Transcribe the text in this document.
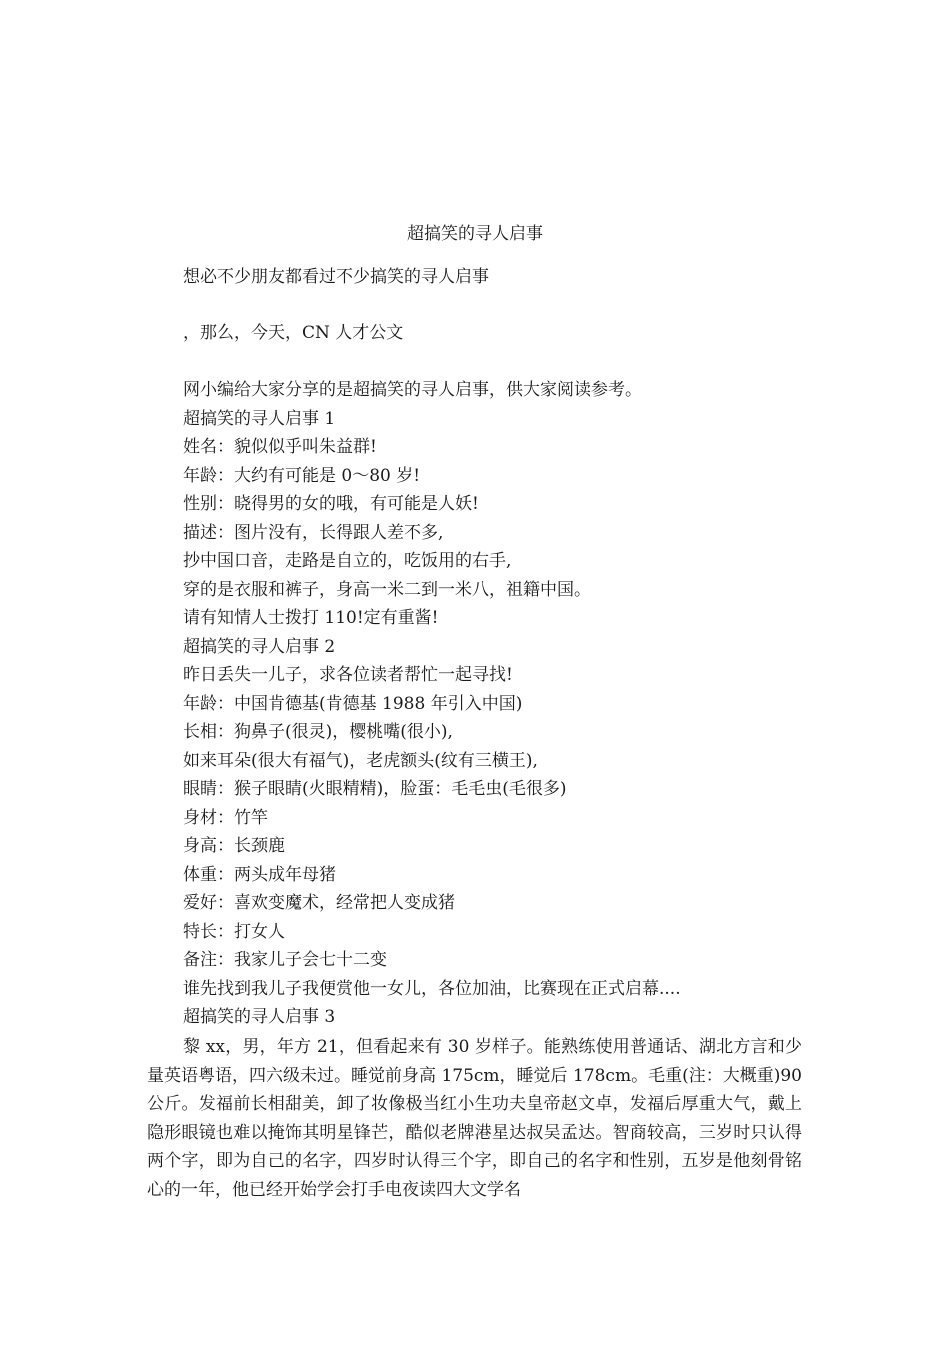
超搞笑的寻人启事
想必不少朋友都看过不少搞笑的寻人启事
，那么，今天，CN 人才公文
网小编给大家分享的是超搞笑的寻人启事，供大家阅读参考。
超搞笑的寻人启事 1
姓名：貌似似乎叫朱益群!
年龄：大约有可能是 0～80 岁!
性别：晓得男的女的哦，有可能是人妖!
描述：图片没有，长得跟人差不多,
抄中国口音，走路是自立的，吃饭用的右手,
穿的是衣服和裤子，身高一米二到一米八，祖籍中国。
请有知情人士拨打 110!定有重酱!
超搞笑的寻人启事 2
昨日丢失一儿子，求各位读者帮忙一起寻找!
年龄：中国肯德基(肯德基 1988 年引入中国)
长相：狗鼻子(很灵)，樱桃嘴(很小),
如来耳朵(很大有福气)，老虎额头(纹有三横王),
眼睛：猴子眼睛(火眼精精)，脸蛋：毛毛虫(毛很多)
身材：竹竿
身高：长颈鹿
体重：两头成年母猪
爱好：喜欢变魔术，经常把人变成猪
特长：打女人
备注：我家儿子会七十二变
谁先找到我儿子我便赏他一女儿，各位加油，比赛现在正式启幕....
超搞笑的寻人启事 3

黎 xx，男，年方 21，但看起来有 30 岁样子。能熟练使用普通话、湖北方言和少量英语粤语，四六级未过。睡觉前身高 175cm，睡觉后 178cm。毛重(注：大概重)90 公斤。发福前长相甜美，卸了妆像极当红小生功夫皇帝赵文卓，发福后厚重大气，戴上隐形眼镜也难以掩饰其明星锋芒，酷似老牌港星达叔吴孟达。智商较高，三岁时只认得两个字，即为自己的名字，四岁时认得三个字，即自己的名字和性别，五岁是他刻骨铭心的一年，他已经开始学会打手电夜读四大文学名
